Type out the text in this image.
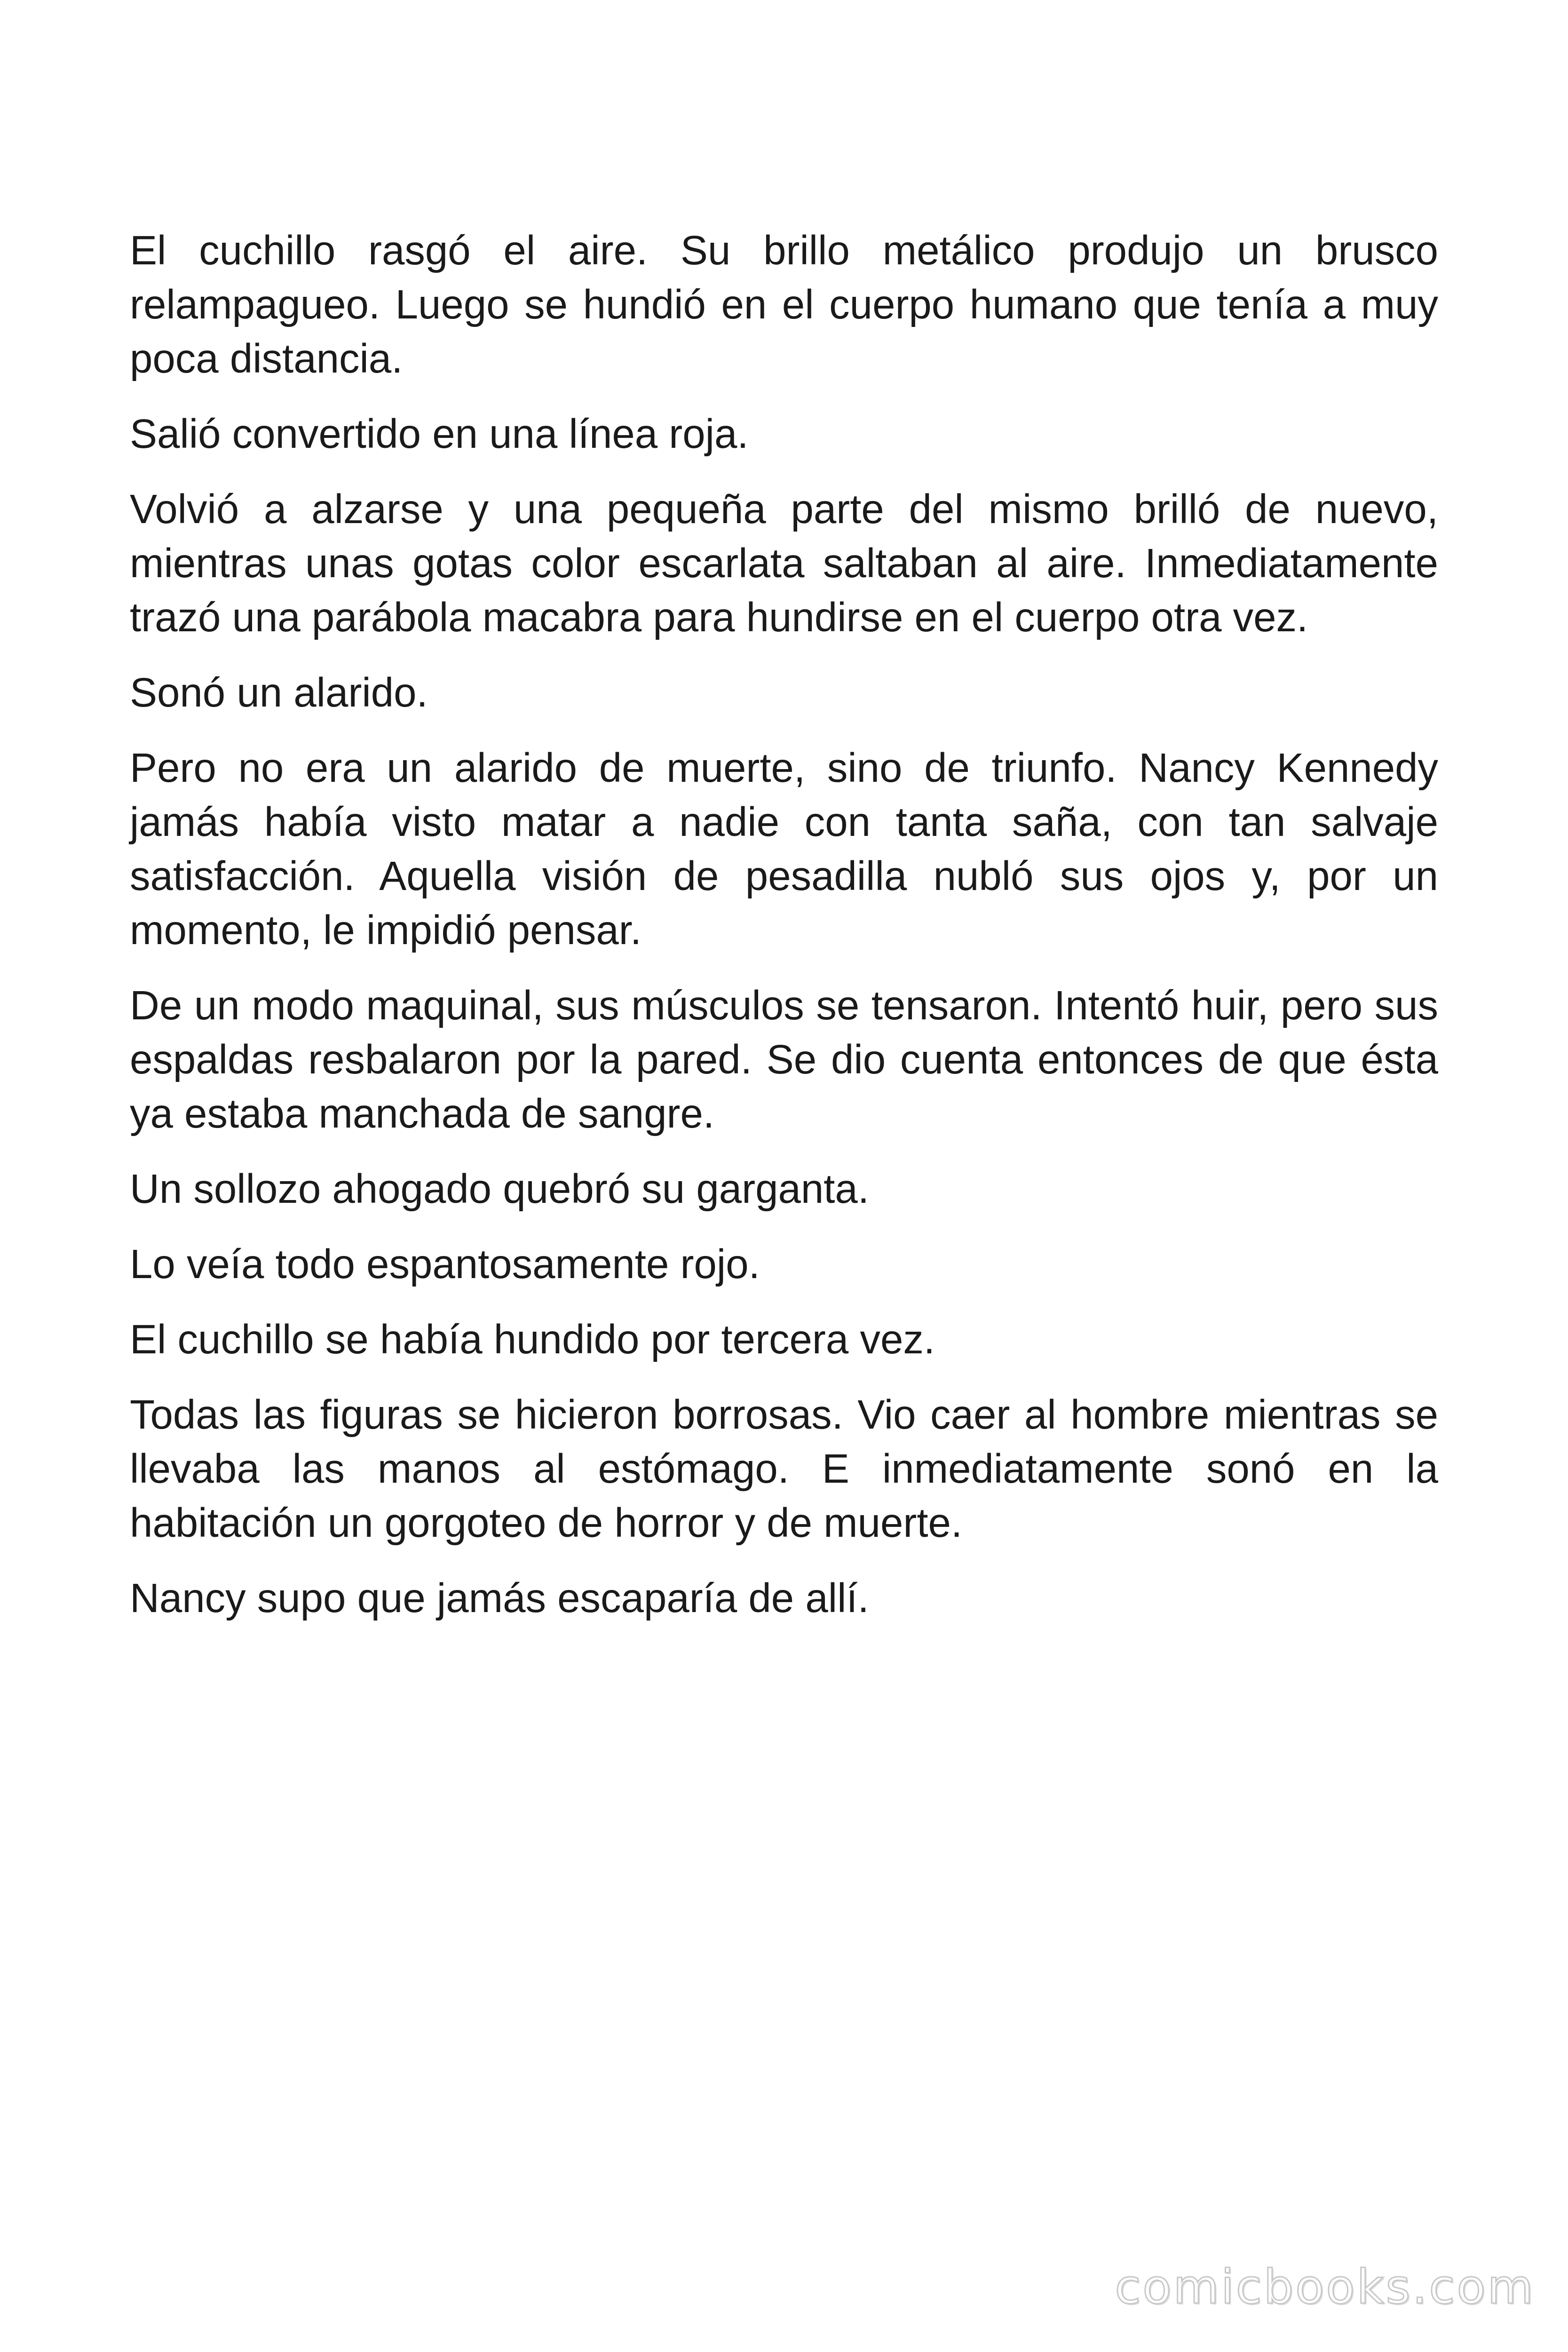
El cuchillo rasgó el aire. Su brillo metálico produjo un brusco relampagueo. Luego se hundió en el cuerpo humano que tenía a muy poca distancia.

Salió convertido en una línea roja.

Volvió a alzarse y una pequeña parte del mismo brilló de nuevo, mientras unas gotas color escarlata saltaban al aire. Inmediatamente trazó una parábola macabra para hundirse en el cuerpo otra vez.

Sonó un alarido.

Pero no era un alarido de muerte, sino de triunfo. Nancy Kennedy jamás había visto matar a nadie con tanta saña, con tan salvaje satisfacción. Aquella visión de pesadilla nubló sus ojos y, por un momento, le impidió pensar.

De un modo maquinal, sus músculos se tensaron. Intentó huir, pero sus espaldas resbalaron por la pared. Se dio cuenta entonces de que ésta ya estaba manchada de sangre.

Un sollozo ahogado quebró su garganta.

Lo veía todo espantosamente rojo.

El cuchillo se había hundido por tercera vez.

Todas las figuras se hicieron borrosas. Vio caer al hombre mientras se llevaba las manos al estómago. E inmediatamente sonó en la habitación un gorgoteo de horror y de muerte.

Nancy supo que jamás escaparía de allí.

comicbooks.com
